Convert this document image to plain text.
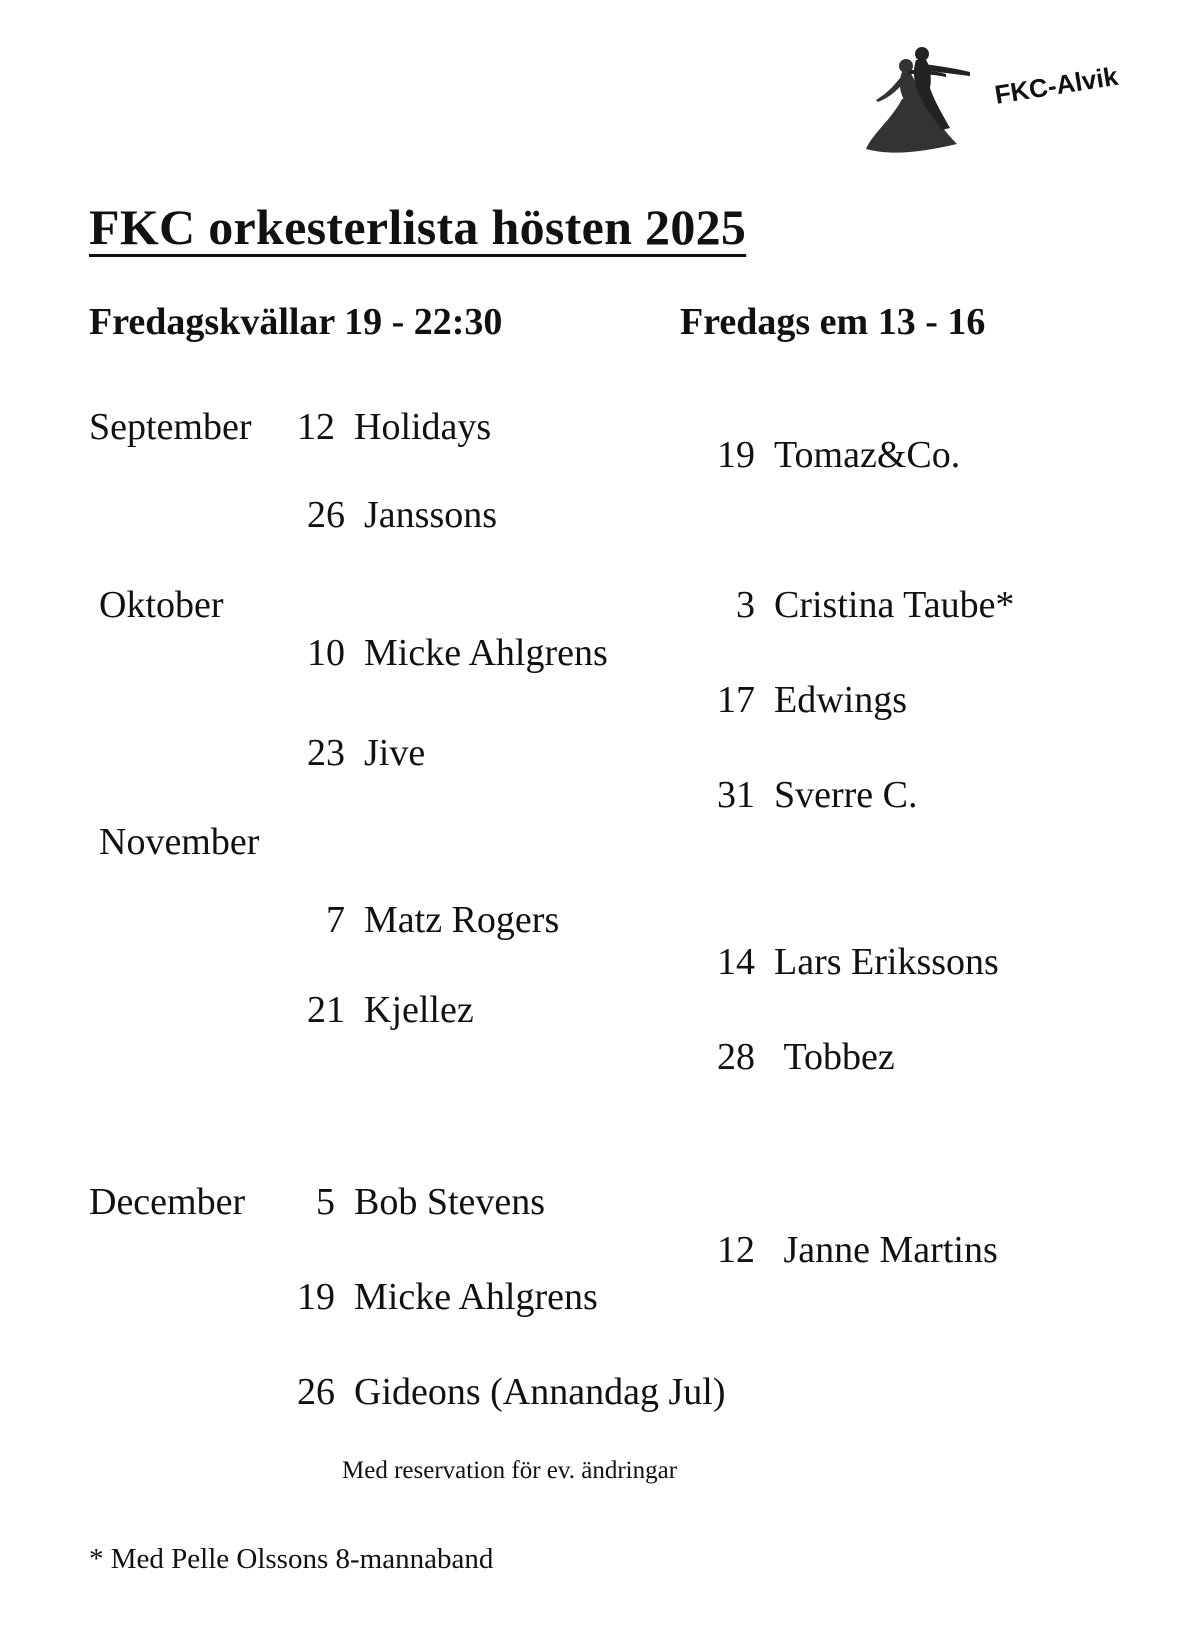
FKC-Alvik
FKC orkesterlista hösten 2025
Fredagskvällar 19 - 22:30	Fredags em 13 - 16
September
Oktober
November
December
12 Holidays
26 Janssons
10 Micke Ahlgrens
23 Jive
7 Matz Rogers
21 Kjellez
5 Bob Stevens
19 Micke Ahlgrens
26 Gideons (Annandag Jul)
19 Tomaz&Co.
3 Cristina Taube*
17 Edwings
31 Sverre C.
14 Lars Erikssons
28 Tobbez
12 Janne Martins
Med reservation för ev. ändringar
* Med Pelle Olssons 8-mannaband
